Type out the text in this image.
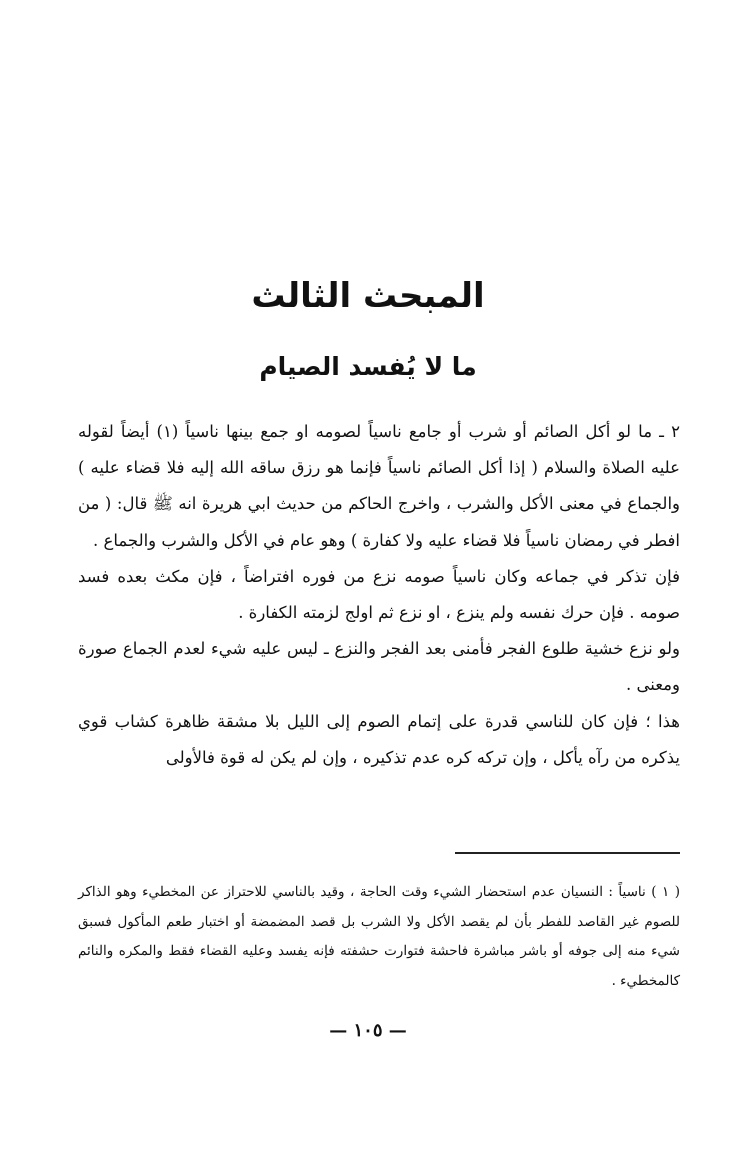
المبحث الثالث
ما لا يُفسد الصيام

٢ ـ ما لو أكل الصائم أو شرب أو جامع ناسياً لصومه او جمع بينها ناسياً (١) أيضاً لقوله عليه الصلاة والسلام ( إذا أكل الصائم ناسياً فإنما هو رزق ساقه الله إليه فلا قضاء عليه ) والجماع في معنى الأكل والشرب ، واخرج الحاكم من حديث ابي هريرة انه ﷺ قال: ( من افطر في رمضان ناسياً فلا قضاء عليه ولا كفارة ) وهو عام في الأكل والشرب والجماع .

فإن تذكر في جماعه وكان ناسياً صومه نزع من فوره افتراضاً ، فإن مكث بعده فسد صومه . فإن حرك نفسه ولم ينزع ، او نزع ثم اولج لزمته الكفارة .

ولو نزع خشية طلوع الفجر فأمنى بعد الفجر والنزع ـ ليس عليه شيء لعدم الجماع صورة ومعنى .

هذا ؛ فإن كان للناسي قدرة على إتمام الصوم إلى الليل بلا مشقة ظاهرة كشاب قوي يذكره من رآه يأكل ، وإن تركه كره عدم تذكيره ، وإن لم يكن له قوة فالأولى

( ١ ) ناسياً : النسيان عدم استحضار الشيء وقت الحاجة ، وقيد بالناسي للاحتراز عن المخطيء وهو الذاكر للصوم غير القاصد للفطر بأن لم يقصد الأكل ولا الشرب بل قصد المضمضة أو اختبار طعم المأكول فسبق شيء منه إلى جوفه أو باشر مباشرة فاحشة فتوارت حشفته فإنه يفسد وعليه القضاء فقط والمكره والنائم كالمخطيء .
— ١٠٥ —
